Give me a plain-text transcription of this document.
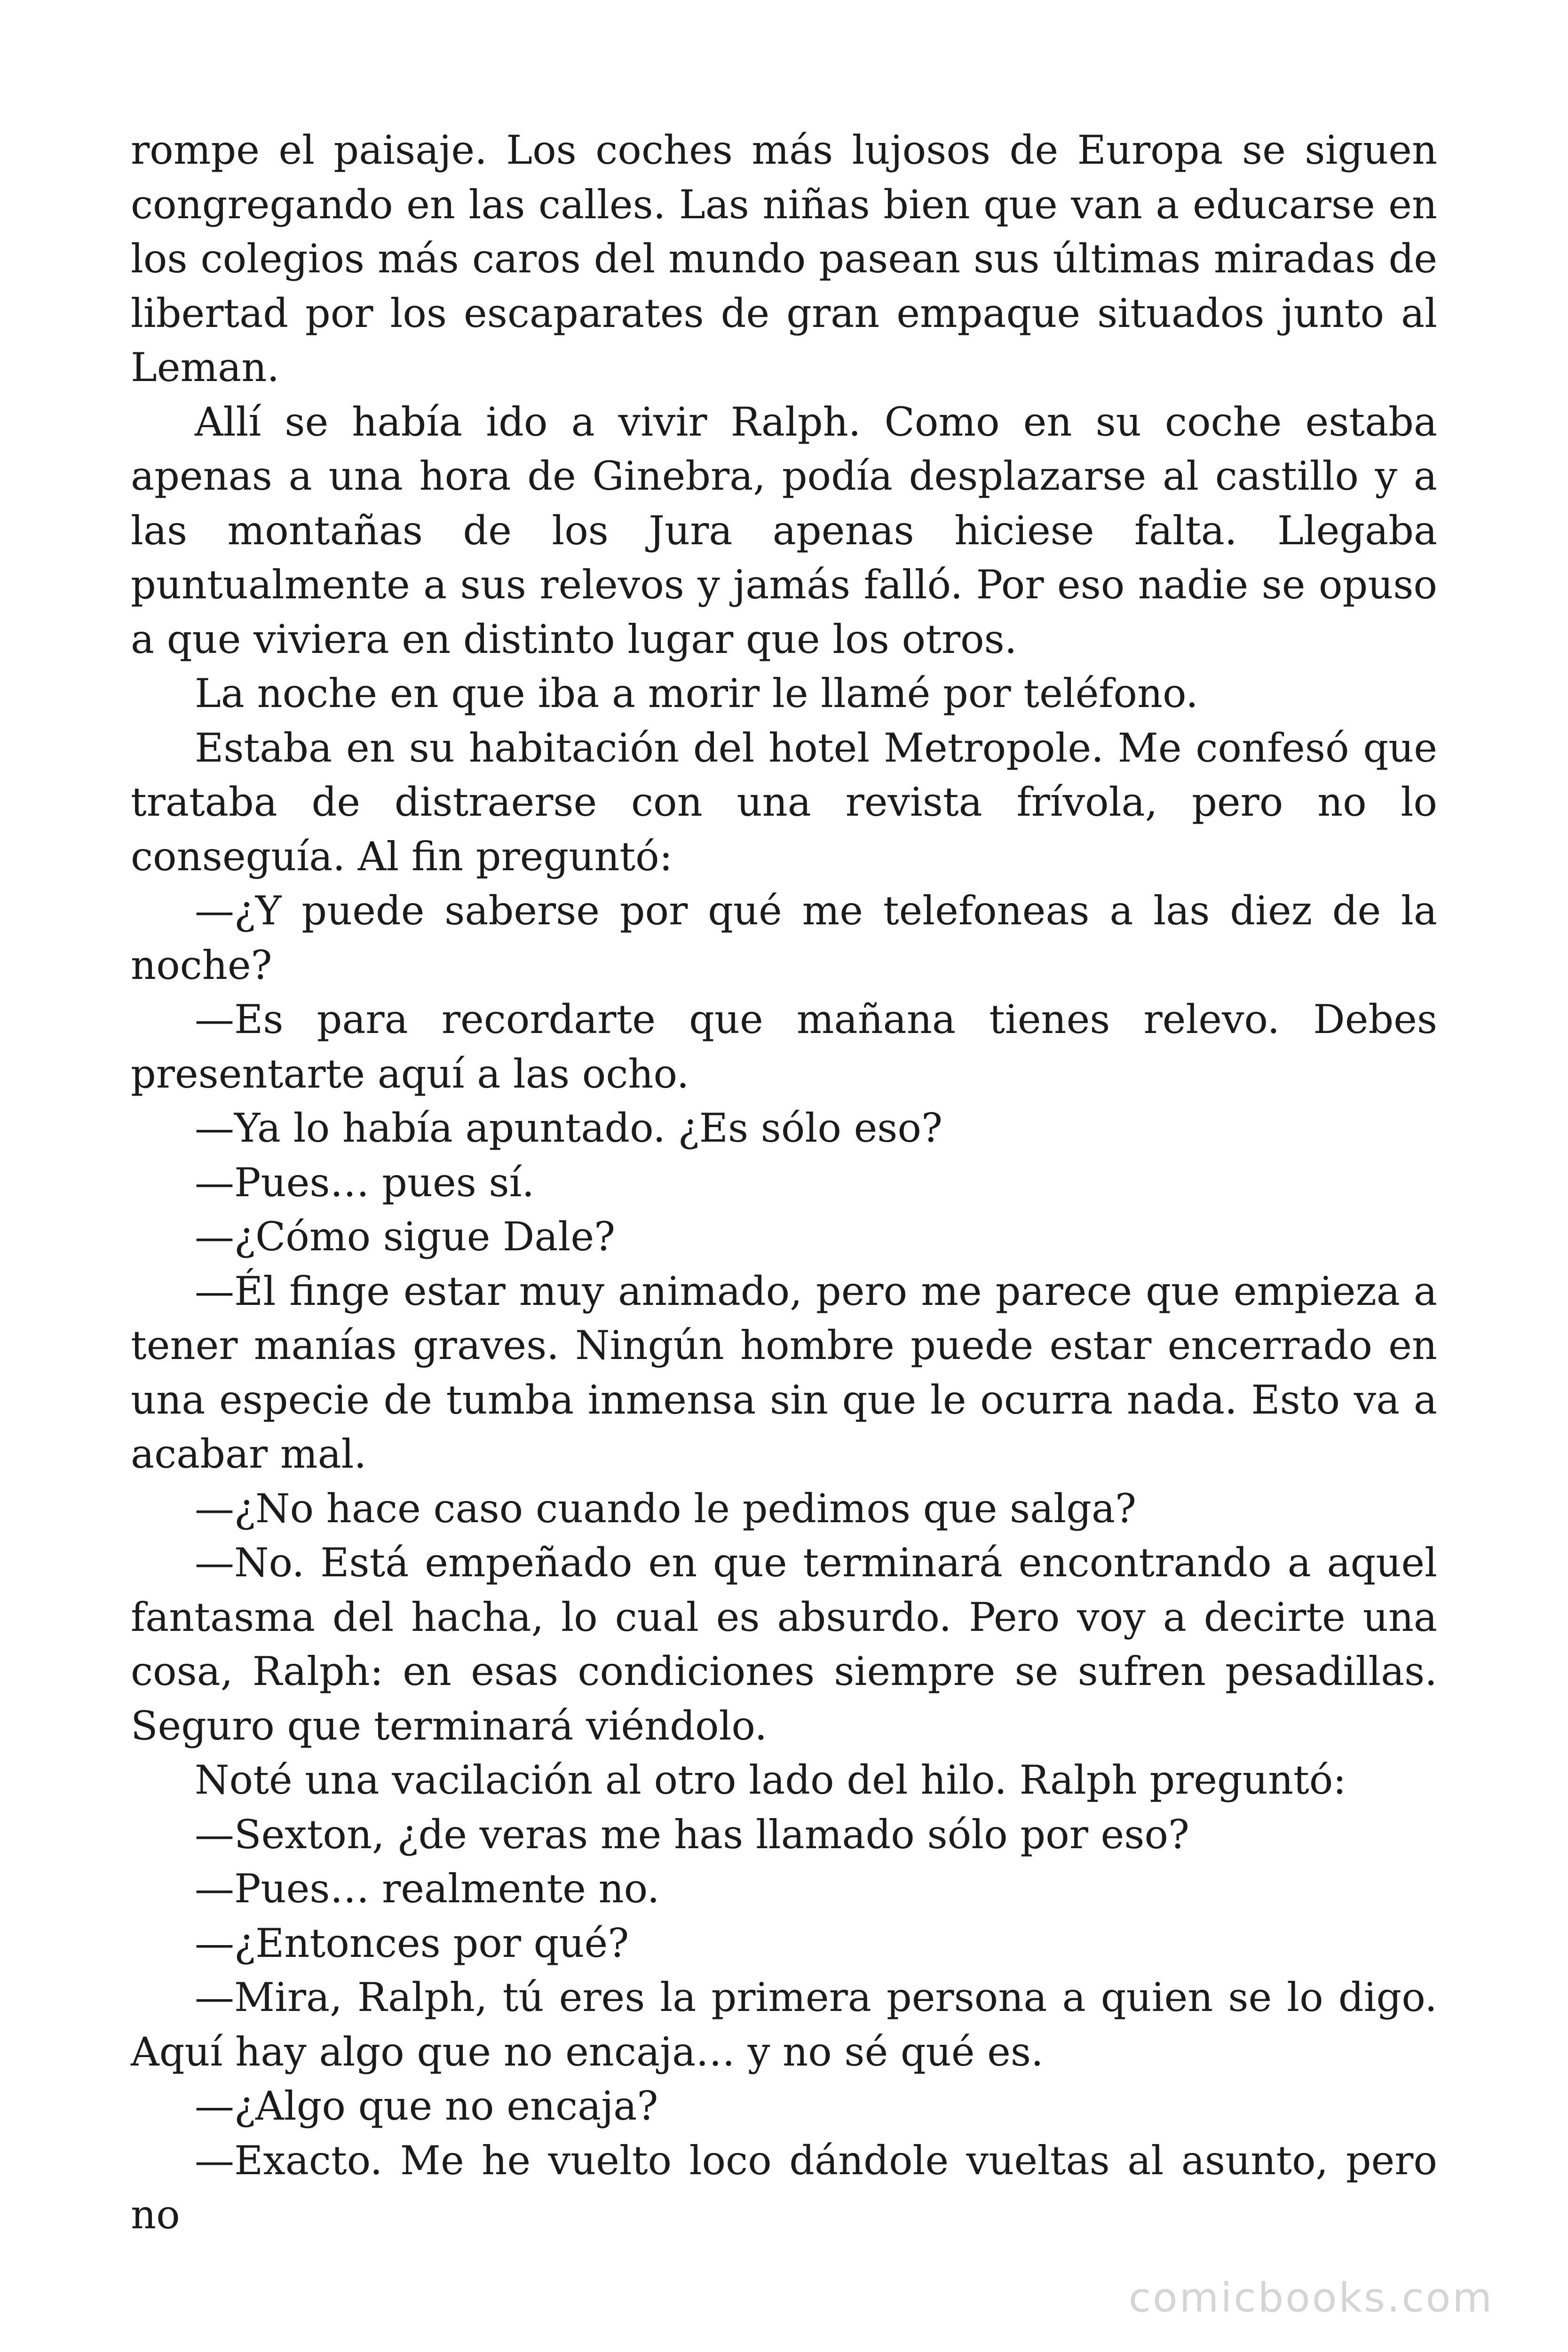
rompe el paisaje. Los coches más lujosos de Europa se siguen congregando en las calles. Las niñas bien que van a educarse en los colegios más caros del mundo pasean sus últimas miradas de libertad por los escaparates de gran empaque situados junto al Leman.

Allí se había ido a vivir Ralph. Como en su coche estaba apenas a una hora de Ginebra, podía desplazarse al castillo y a las montañas de los Jura apenas hiciese falta. Llegaba puntualmente a sus relevos y jamás falló. Por eso nadie se opuso a que viviera en distinto lugar que los otros.

La noche en que iba a morir le llamé por teléfono.

Estaba en su habitación del hotel Metropole. Me confesó que trataba de distraerse con una revista frívola, pero no lo conseguía. Al fin preguntó:

—¿Y puede saberse por qué me telefoneas a las diez de la noche?

—Es para recordarte que mañana tienes relevo. Debes presentarte aquí a las ocho.

—Ya lo había apuntado. ¿Es sólo eso?

—Pues… pues sí.

—¿Cómo sigue Dale?

—Él finge estar muy animado, pero me parece que empieza a tener manías graves. Ningún hombre puede estar encerrado en una especie de tumba inmensa sin que le ocurra nada. Esto va a acabar mal.

—¿No hace caso cuando le pedimos que salga?

—No. Está empeñado en que terminará encontrando a aquel fantasma del hacha, lo cual es absurdo. Pero voy a decirte una cosa, Ralph: en esas condiciones siempre se sufren pesadillas. Seguro que terminará viéndolo.

Noté una vacilación al otro lado del hilo. Ralph preguntó:

—Sexton, ¿de veras me has llamado sólo por eso?

—Pues… realmente no.

—¿Entonces por qué?

—Mira, Ralph, tú eres la primera persona a quien se lo digo. Aquí hay algo que no encaja… y no sé qué es.

—¿Algo que no encaja?

—Exacto. Me he vuelto loco dándole vueltas al asunto, pero no

comicbooks.com
